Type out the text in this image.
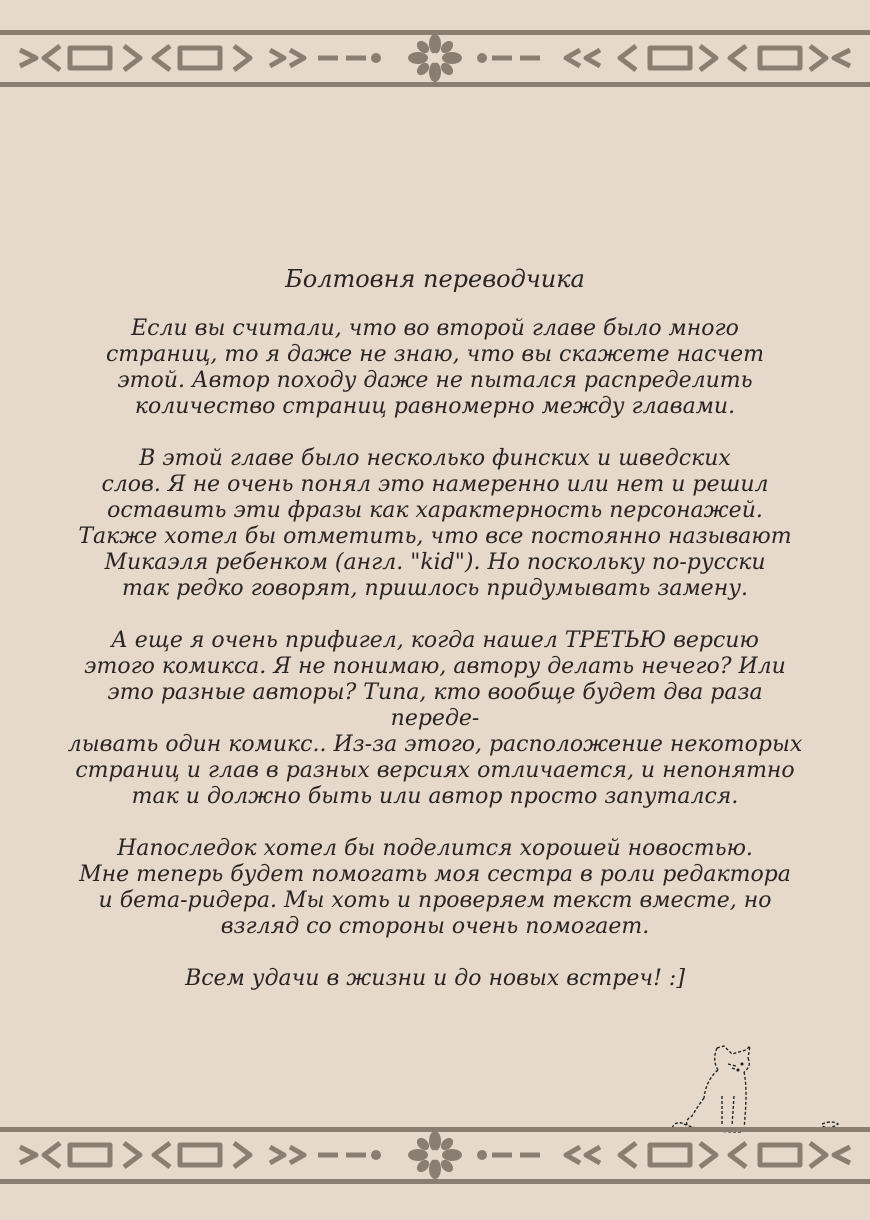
Болтовня переводчика
Если вы считали, что во второй главе было много
страниц, то я даже не знаю, что вы скажете насчет
этой. Автор походу даже не пытался распределить
количество страниц равномерно между главами.
В этой главе было несколько финских и шведских
слов. Я не очень понял это намеренно или нет и решил
оставить эти фразы как характерность персонажей.
Также хотел бы отметить, что все постоянно называют
Микаэля ребенком (англ. "kid"). Но поскольку по-русски
так редко говорят, пришлось придумывать замену.
А еще я очень прифигел, когда нашел ТРЕТЬЮ версию
этого комикса. Я не понимаю, автору делать нечего? Или
это разные авторы? Типа, кто вообще будет два раза переде-
лывать один комикс.. Из-за этого, расположение некоторых
страниц и глав в разных версиях отличается, и непонятно
так и должно быть или автор просто запутался.
Напоследок хотел бы поделится хорошей новостью.
Мне теперь будет помогать моя сестра в роли редактора
и бета-ридера. Мы хоть и проверяем текст вместе, но
взгляд со стороны очень помогает.
Всем удачи в жизни и до новых встреч! :]
